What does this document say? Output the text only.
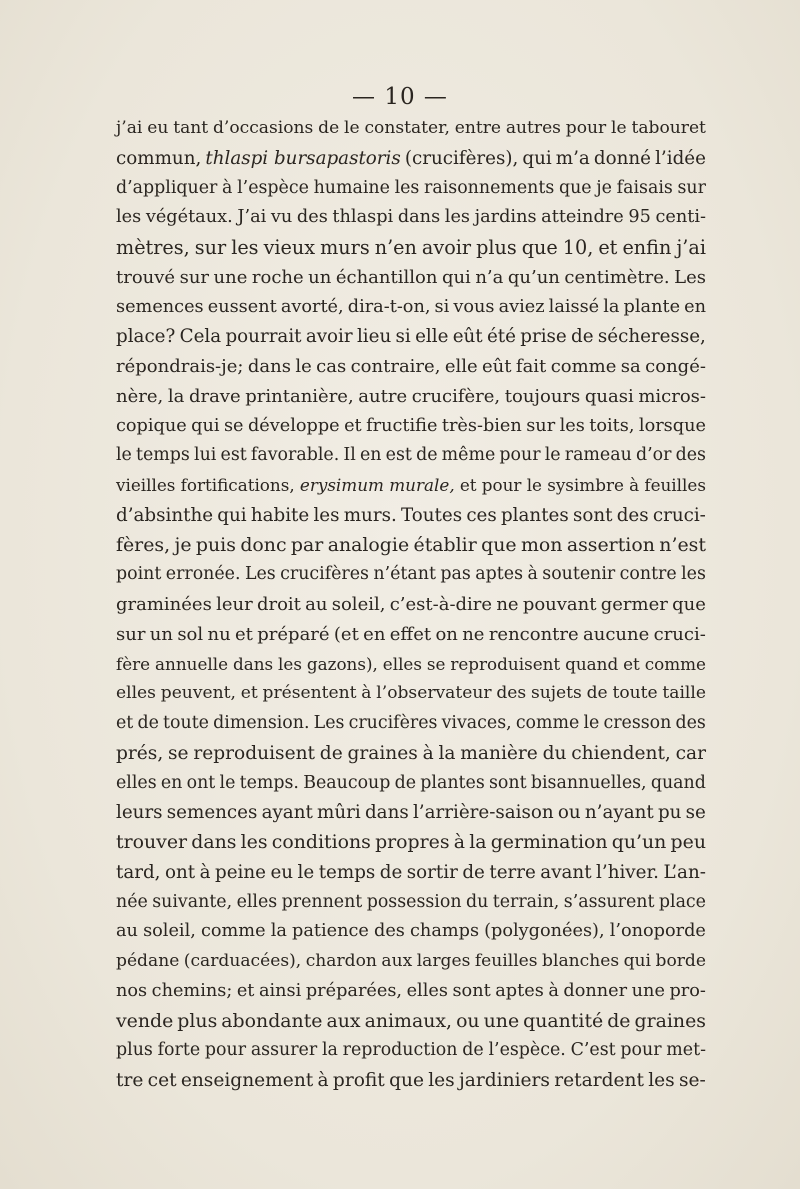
— 10 —
j’ai eu tant d’occasions de le constater, entre autres pour le tabouret
commun, thlaspi bursapastoris (crucifères), qui m’a donné l’idée
d’appliquer à l’espèce humaine les raisonnements que je faisais sur
les végétaux. J’ai vu des thlaspi dans les jardins atteindre 95 centi-
mètres, sur les vieux murs n’en avoir plus que 10, et enfin j’ai
trouvé sur une roche un échantillon qui n’a qu’un centimètre. Les
semences eussent avorté, dira-t-on, si vous aviez laissé la plante en
place? Cela pourrait avoir lieu si elle eût été prise de sécheresse,
répondrais-je; dans le cas contraire, elle eût fait comme sa congé-
nère, la drave printanière, autre crucifère, toujours quasi micros-
copique qui se développe et fructifie très-bien sur les toits, lorsque
le temps lui est favorable. Il en est de même pour le rameau d’or des
vieilles fortifications, erysimum murale, et pour le sysimbre à feuilles
d’absinthe qui habite les murs. Toutes ces plantes sont des cruci-
fères, je puis donc par analogie établir que mon assertion n’est
point erronée. Les crucifères n’étant pas aptes à soutenir contre les
graminées leur droit au soleil, c’est-à-dire ne pouvant germer que
sur un sol nu et préparé (et en effet on ne rencontre aucune cruci-
fère annuelle dans les gazons), elles se reproduisent quand et comme
elles peuvent, et présentent à l’observateur des sujets de toute taille
et de toute dimension. Les crucifères vivaces, comme le cresson des
prés, se reproduisent de graines à la manière du chiendent, car
elles en ont le temps. Beaucoup de plantes sont bisannuelles, quand
leurs semences ayant mûri dans l’arrière-saison ou n’ayant pu se
trouver dans les conditions propres à la germination qu’un peu
tard, ont à peine eu le temps de sortir de terre avant l’hiver. L’an-
née suivante, elles prennent possession du terrain, s’assurent place
au soleil, comme la patience des champs (polygonées), l’onoporde
pédane (carduacées), chardon aux larges feuilles blanches qui borde
nos chemins; et ainsi préparées, elles sont aptes à donner une pro-
vende plus abondante aux animaux, ou une quantité de graines
plus forte pour assurer la reproduction de l’espèce. C’est pour met-
tre cet enseignement à profit que les jardiniers retardent les se-
